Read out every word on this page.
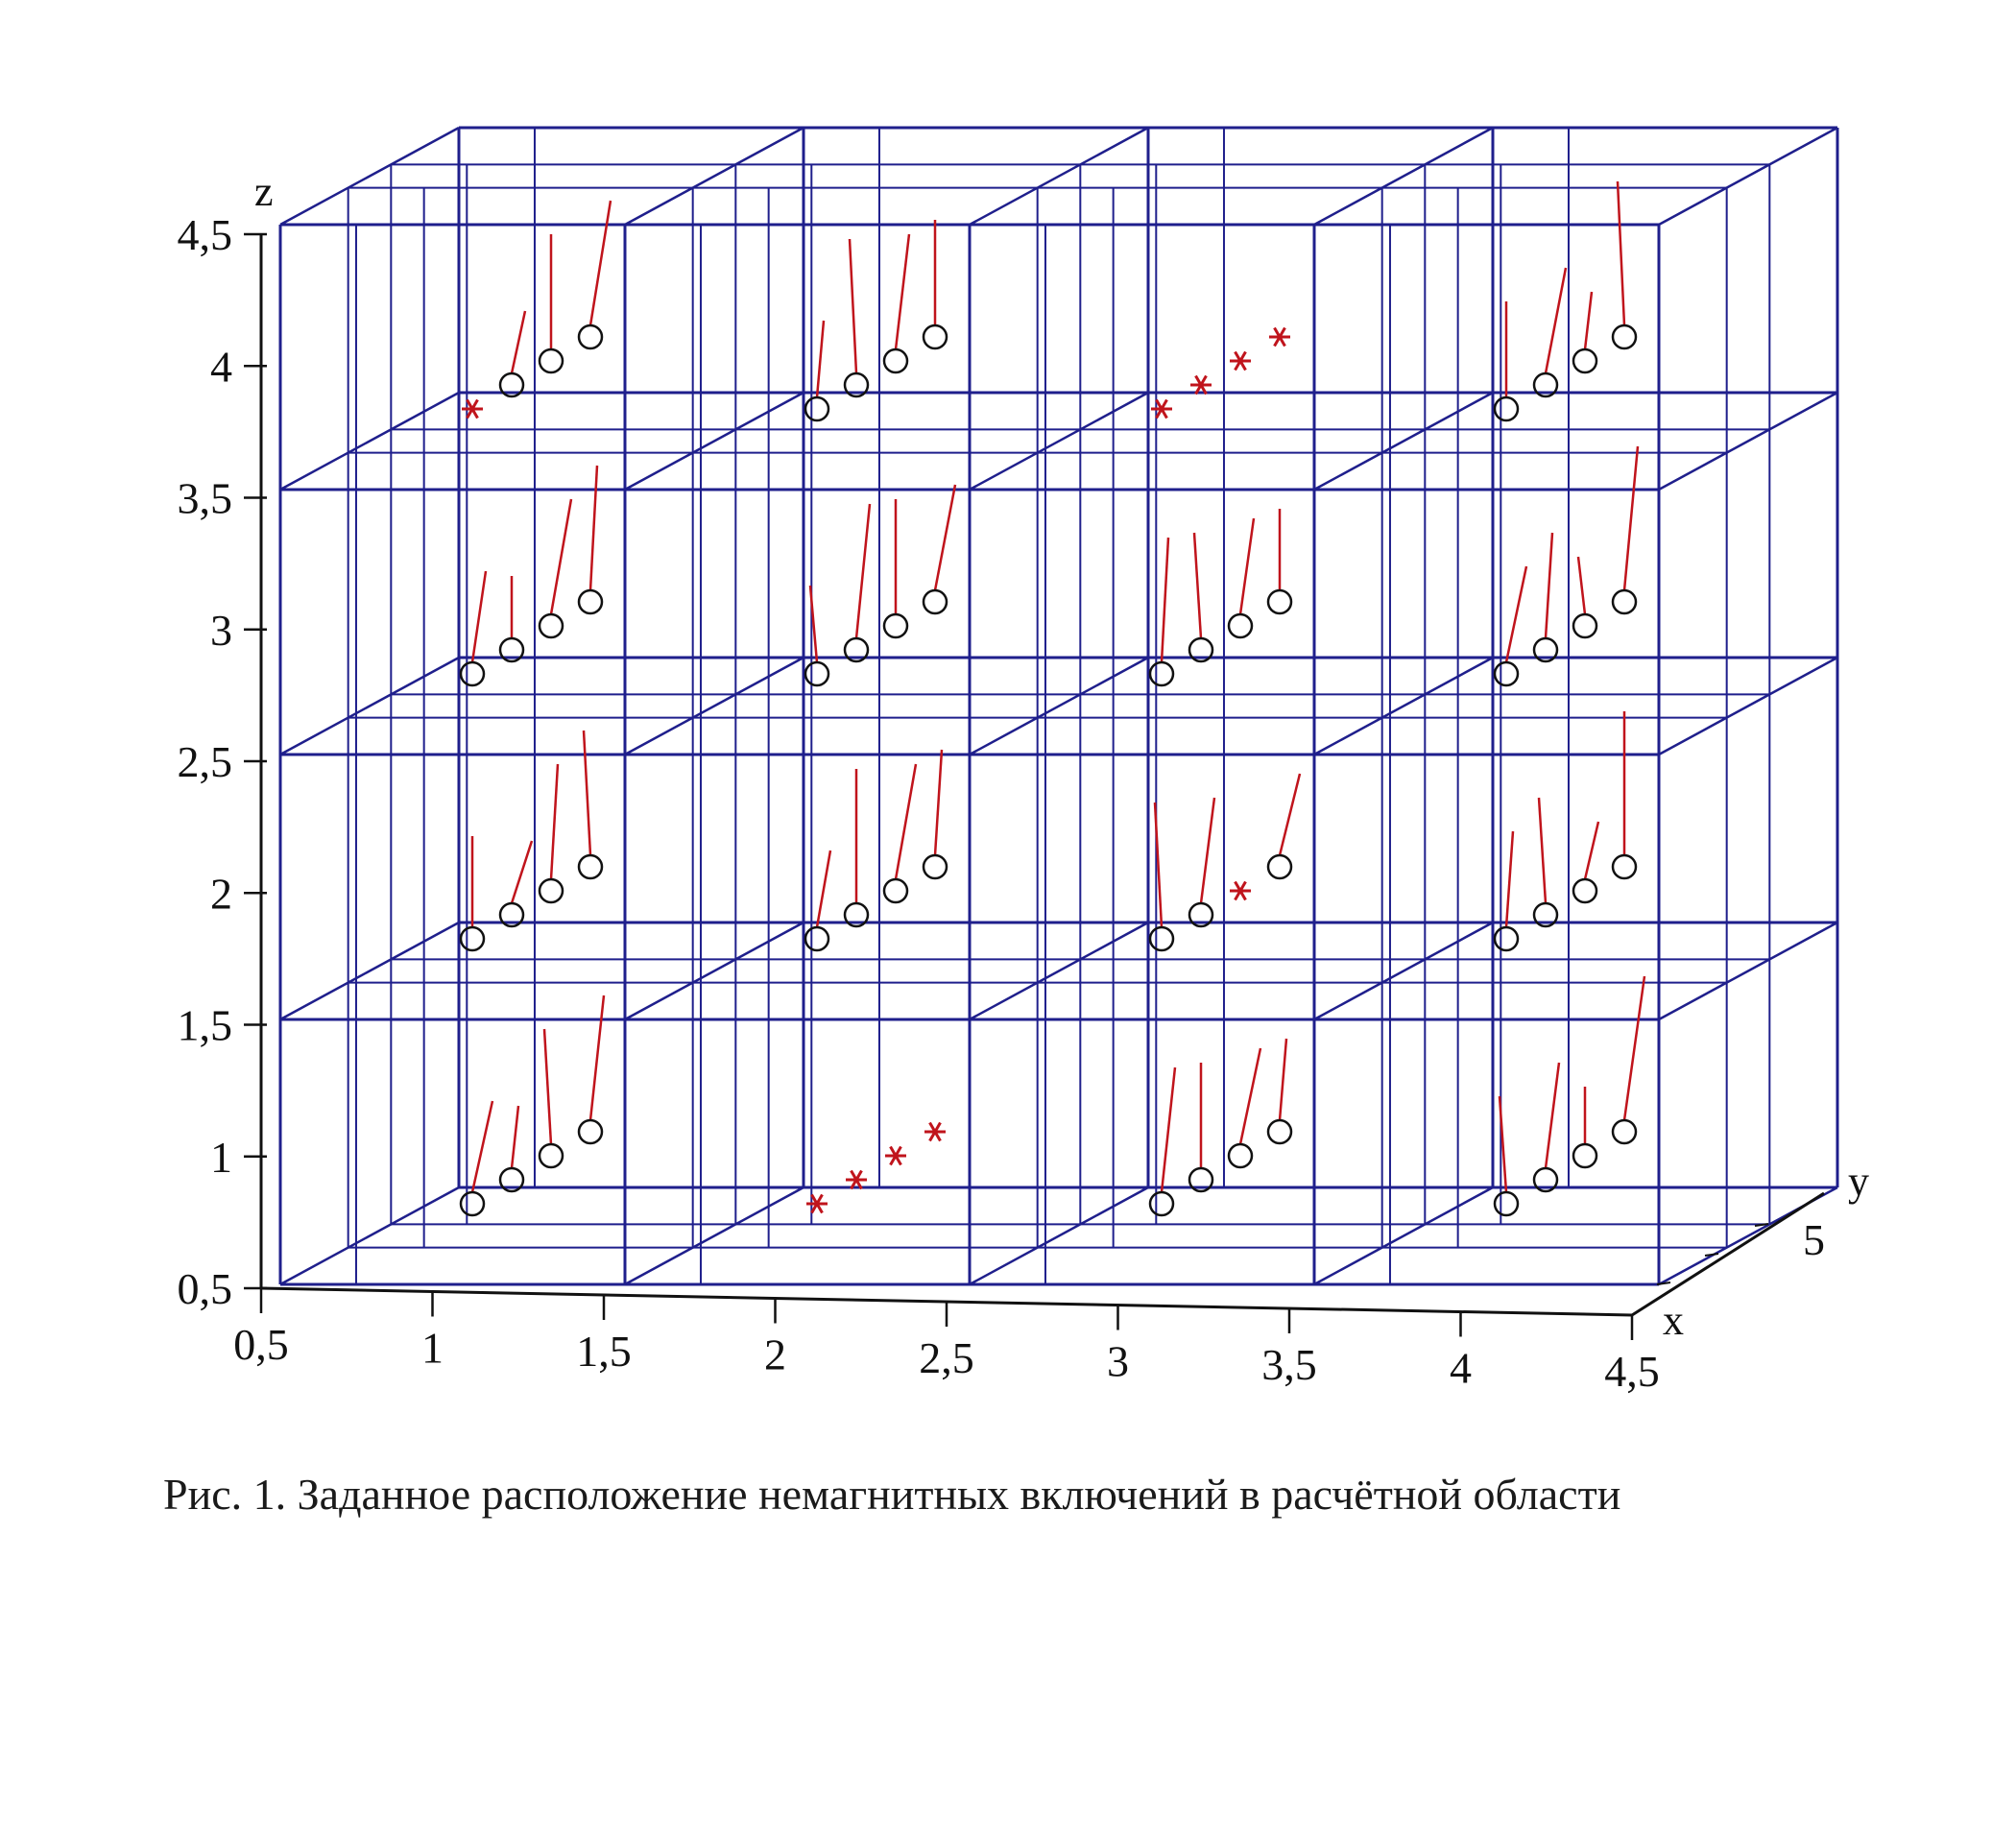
z
x
y
5
0,5
1
1,5
2
2,5
3
3,5
4
4,5
0,5	1	1,5	2	2,5	3	3,5	4	4,5
Рис. 1. Заданное расположение немагнитных включений в расчётной области
